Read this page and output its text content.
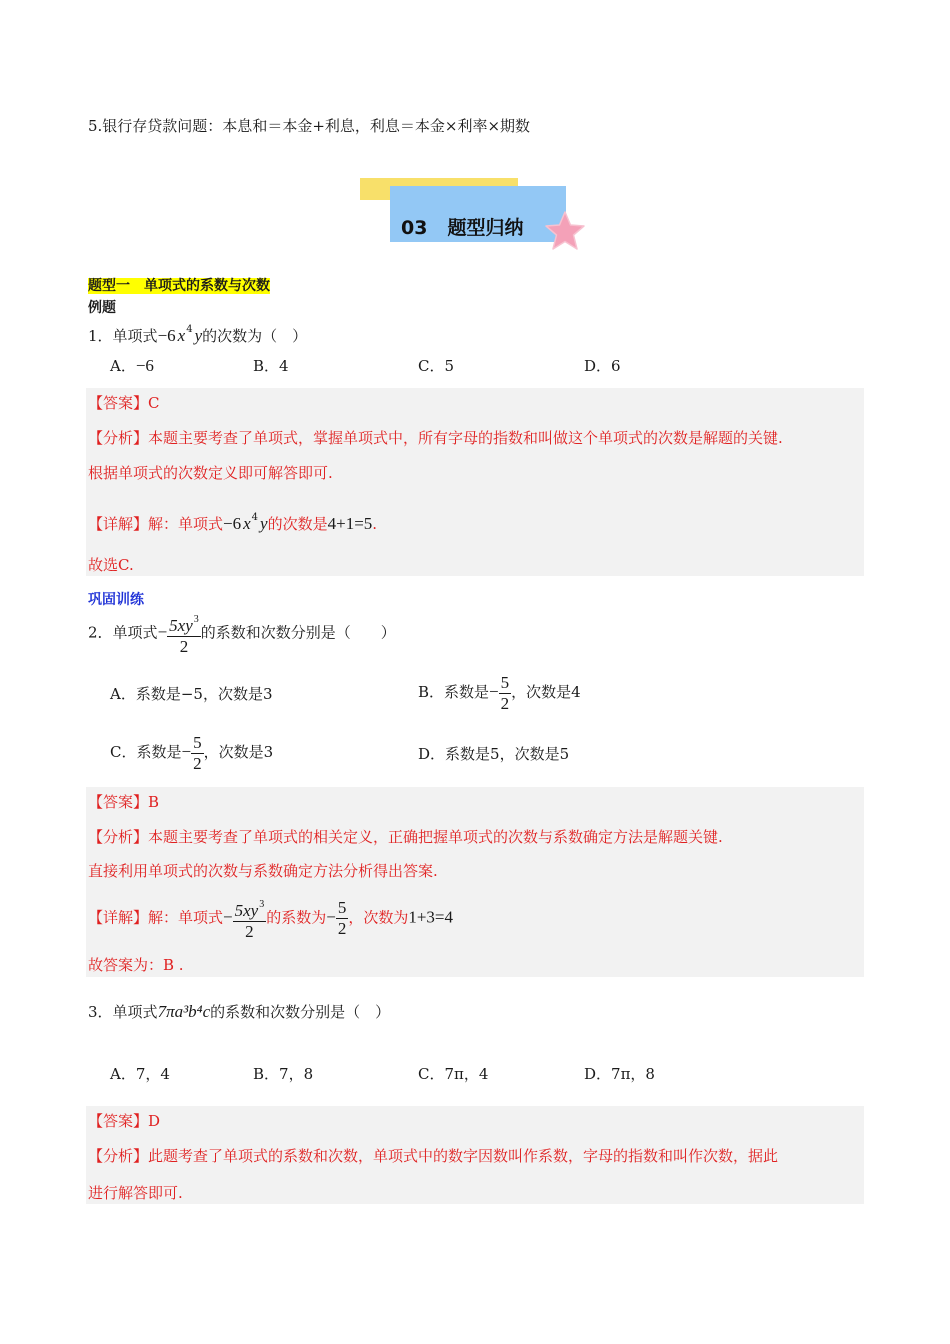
5.银行存贷款问题：本息和＝本金+利息，利息＝本金×利率×期数
03 题型归纳
题型一　单项式的系数与次数
例题
1．单项式−6 $x^4$ y的次数为（　）
A．−6	B．4	C．5	D．6
【答案】C
【分析】本题主要考查了单项式，掌握单项式中，所有字母的指数和叫做这个单项式的次数是解题的关键.
根据单项式的次数定义即可解答即可.
【详解】解：单项式−6 $x^4$ y的次数是4+1=5.
故选C.
巩固训练
2．单项式− $\frac{5xy^3}{2}$ 的系数和次数分别是（　　）
A．系数是−5，次数是3	B．系数是− $\frac{5}{2}$ ，次数是4
C．系数是− $\frac{5}{2}$ ，次数是3	D．系数是5，次数是5
【答案】B
【分析】本题主要考查了单项式的相关定义，正确把握单项式的次数与系数确定方法是解题关键.
直接利用单项式的次数与系数确定方法分析得出答案.
【详解】解：单项式− $\frac{5xy^3}{2}$ 的系数为− $\frac{5}{2}$ ，次数为1+3=4
故答案为：B .
3．单项式7πa³b⁴c的系数和次数分别是（　）
A．7，4	B．7，8	C．7π，4	D．7π，8
【答案】D
【分析】此题考查了单项式的系数和次数，单项式中的数字因数叫作系数，字母的指数和叫作次数，据此
进行解答即可.
